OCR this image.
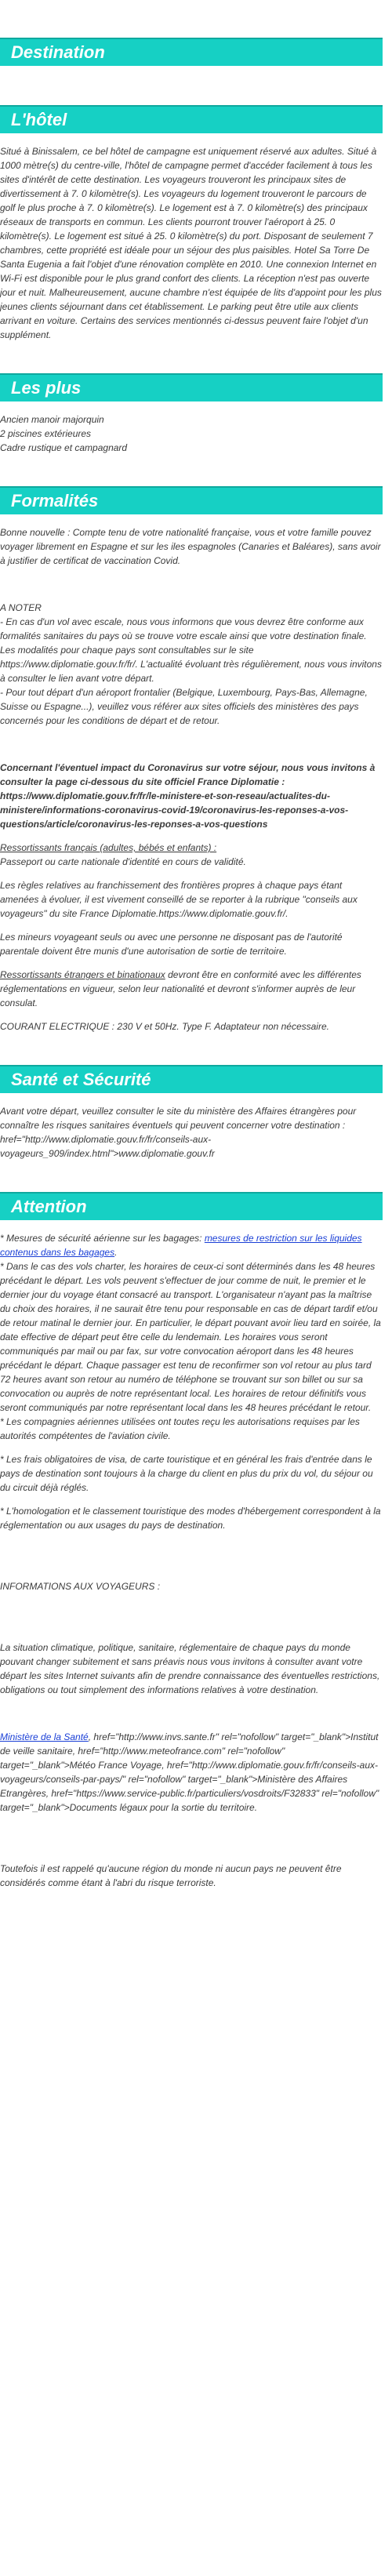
Destination
L'hôtel
Situé à Binissalem, ce bel hôtel de campagne est uniquement réservé aux adultes. Situé à 1000 mètre(s) du centre-ville, l'hôtel de campagne permet d'accéder facilement à tous les sites d'intérêt de cette destination. Les voyageurs trouveront les principaux sites de divertissement à 7. 0 kilomètre(s). Les voyageurs du logement trouveront le parcours de golf le plus proche à 7. 0 kilomètre(s). Le logement est à 7. 0 kilomètre(s) des principaux réseaux de transports en commun. Les clients pourront trouver l'aéroport à 25. 0 kilomètre(s). Le logement est situé à 25. 0 kilomètre(s) du port. Disposant de seulement 7 chambres, cette propriété est idéale pour un séjour des plus paisibles. Hotel Sa Torre De Santa Eugenia a fait l'objet d'une rénovation complète en 2010. Une connexion Internet en Wi-Fi est disponible pour le plus grand confort des clients. La réception n'est pas ouverte jour et nuit. Malheureusement, aucune chambre n'est équipée de lits d'appoint pour les plus jeunes clients séjournant dans cet établissement. Le parking peut être utile aux clients arrivant en voiture. Certains des services mentionnés ci-dessus peuvent faire l'objet d'un supplément.
Les plus
Ancien manoir majorquin
2 piscines extérieures
Cadre rustique et campagnard
Formalités
Bonne nouvelle : Compte tenu de votre nationalité française, vous et votre famille pouvez voyager librement en Espagne et sur les iles espagnoles (Canaries et Baléares), sans avoir à justifier de certificat de vaccination Covid.
A NOTER
- En cas d'un vol avec escale, nous vous informons que vous devrez être conforme aux formalités sanitaires du pays où se trouve votre escale ainsi que votre destination finale.
Les modalités pour chaque pays sont consultables sur le site https://www.diplomatie.gouv.fr/fr/. L'actualité évoluant très régulièrement, nous vous invitons à consulter le lien avant votre départ.
- Pour tout départ d'un aéroport frontalier (Belgique, Luxembourg, Pays-Bas, Allemagne, Suisse ou Espagne...), veuillez vous référer aux sites officiels des ministères des pays concernés pour les conditions de départ et de retour.
Concernant l'éventuel impact du Coronavirus sur votre séjour, nous vous invitons à consulter la page ci-dessous du site officiel France Diplomatie : https://www.diplomatie.gouv.fr/fr/le-ministere-et-son-reseau/actualites-du-ministere/informations-coronavirus-covid-19/coronavirus-les-reponses-a-vos-questions/article/coronavirus-les-reponses-a-vos-questions
Ressortissants français (adultes, bébés et enfants) :
Passeport ou carte nationale d'identité en cours de validité.
Les règles relatives au franchissement des frontières propres à chaque pays étant amenées à évoluer, il est vivement conseillé de se reporter à la rubrique "conseils aux voyageurs" du site France Diplomatie.https://www.diplomatie.gouv.fr/.
Les mineurs voyageant seuls ou avec une personne ne disposant pas de l'autorité parentale doivent être munis d'une autorisation de sortie de territoire.
Ressortissants étrangers et binationaux devront être en conformité avec les différentes réglementations en vigueur, selon leur nationalité et devront s'informer auprès de leur consulat.
COURANT ELECTRIQUE : 230 V et 50Hz. Type F. Adaptateur non nécessaire.
Santé et Sécurité
Avant votre départ, veuillez consulter le site du ministère des Affaires étrangères pour connaître les risques sanitaires éventuels qui peuvent concerner votre destination : href="http://www.diplomatie.gouv.fr/fr/conseils-aux-voyageurs_909/index.html">www.diplomatie.gouv.fr
Attention
* Mesures de sécurité aérienne sur les bagages: mesures de restriction sur les liquides contenus dans les bagages.
* Dans le cas des vols charter, les horaires de ceux-ci sont déterminés dans les 48 heures précédant le départ. Les vols peuvent s'effectuer de jour comme de nuit, le premier et le dernier jour du voyage étant consacré au transport. L'organisateur n'ayant pas la maîtrise du choix des horaires, il ne saurait être tenu pour responsable en cas de départ tardif et/ou de retour matinal le dernier jour. En particulier, le départ pouvant avoir lieu tard en soirée, la date effective de départ peut être celle du lendemain. Les horaires vous seront communiqués par mail ou par fax, sur votre convocation aéroport dans les 48 heures précédant le départ. Chaque passager est tenu de reconfirmer son vol retour au plus tard 72 heures avant son retour au numéro de téléphone se trouvant sur son billet ou sur sa convocation ou auprès de notre représentant local. Les horaires de retour définitifs vous seront communiqués par notre représentant local dans les 48 heures précédant le retour.
* Les compagnies aériennes utilisées ont toutes reçu les autorisations requises par les autorités compétentes de l'aviation civile.
* Les frais obligatoires de visa, de carte touristique et en général les frais d'entrée dans le pays de destination sont toujours à la charge du client en plus du prix du vol, du séjour ou du circuit déjà réglés.
* L'homologation et le classement touristique des modes d'hébergement correspondent à la réglementation ou aux usages du pays de destination.
INFORMATIONS AUX VOYAGEURS :
La situation climatique, politique, sanitaire, réglementaire de chaque pays du monde pouvant changer subitement et sans préavis nous vous invitons à consulter avant votre départ les sites Internet suivants afin de prendre connaissance des éventuelles restrictions, obligations ou tout simplement des informations relatives à votre destination.
Ministère de la Santé, href="http://www.invs.sante.fr" rel="nofollow" target="_blank">Institut de veille sanitaire, href="http://www.meteofrance.com" rel="nofollow" target="_blank">Météo France Voyage, href="http://www.diplomatie.gouv.fr/fr/conseils-aux-voyageurs/conseils-par-pays/" rel="nofollow" target="_blank">Ministère des Affaires Etrangères, href="https://www.service-public.fr/particuliers/vosdroits/F32833" rel="nofollow" target="_blank">Documents légaux pour la sortie du territoire.
Toutefois il est rappelé qu'aucune région du monde ni aucun pays ne peuvent être considérés comme étant à l'abri du risque terroriste.
